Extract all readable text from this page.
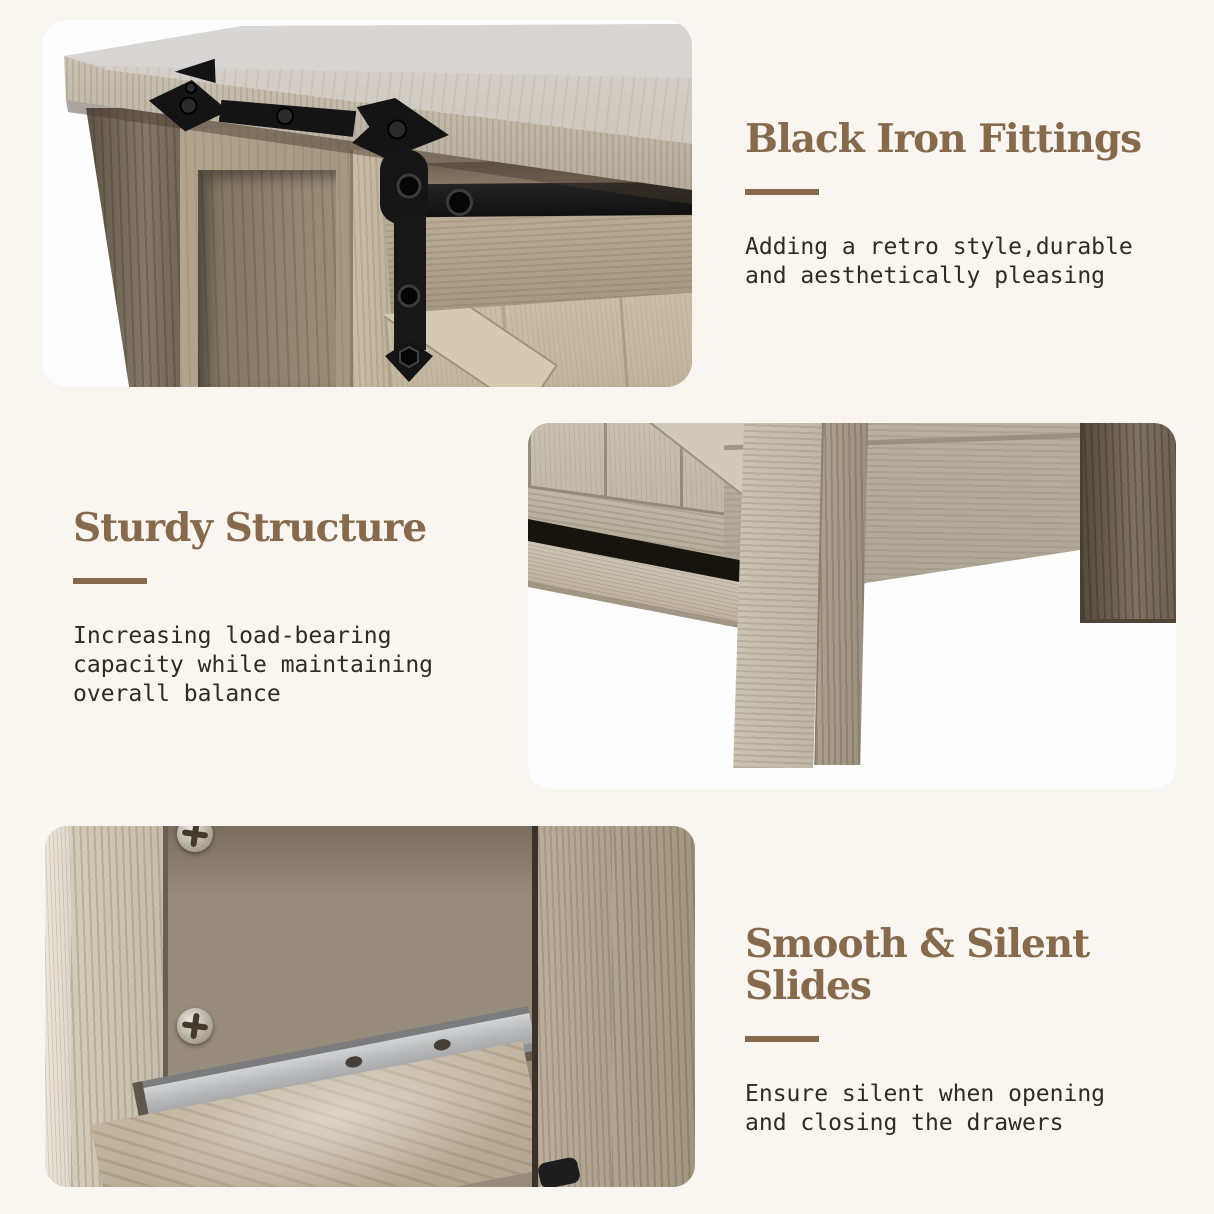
Black Iron Fittings
Adding a retro style,durable
and aesthetically pleasing
Sturdy Structure
Increasing load-bearing
capacity while maintaining
overall balance
Smooth & Silent Slides
Ensure silent when opening
and closing the drawers
